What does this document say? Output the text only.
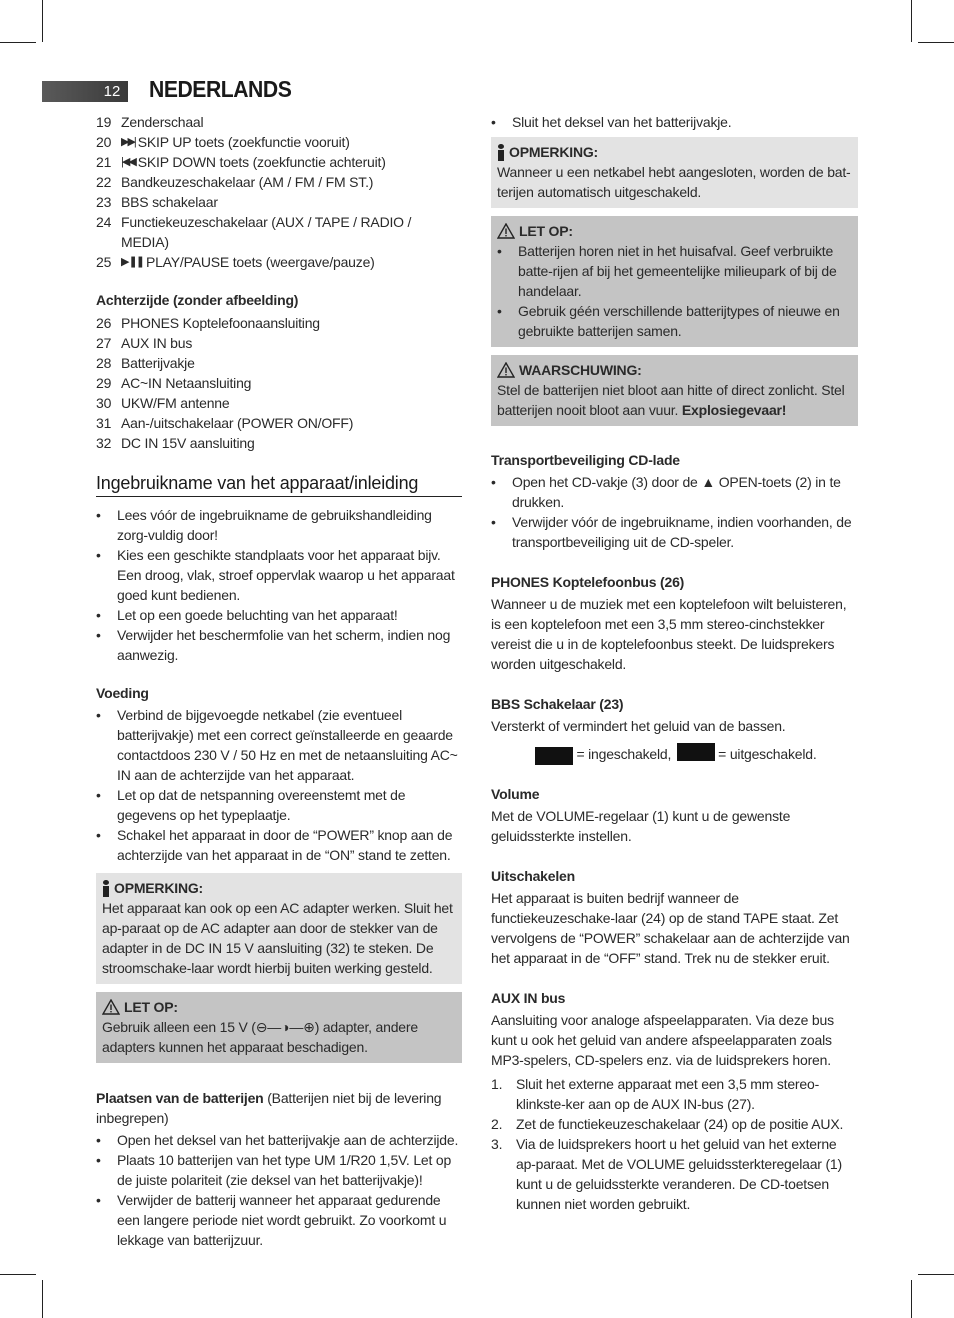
12	NEDERLANDS
19 Zenderschaal
20 ▶▶| SKIP UP toets (zoekfunctie vooruit)
21 |◀◀ SKIP DOWN toets (zoekfunctie achteruit)
22 Bandkeuzeschakelaar (AM / FM / FM ST.)
23 BBS schakelaar
24 Functiekeuzeschakelaar (AUX / TAPE / RADIO / MEDIA)
25 ▶ ❚❚ PLAY/PAUSE toets (weergave/pauze)
Achterzijde (zonder afbeelding)
26 PHONES Koptelefoonaansluiting
27 AUX IN bus
28 Batterijvakje
29 AC~IN Netaansluiting
30 UKW/FM antenne
31 Aan-/uitschakelaar (POWER ON/OFF)
32 DC IN 15V aansluiting
Ingebruikname van het apparaat/inleiding
• Lees vóór de ingebruikname de gebruikshandleiding zorg-vuldig door!
• Kies een geschikte standplaats voor het apparaat bijv. Een droog, vlak, stroef oppervlak waarop u het apparaat goed kunt bedienen.
• Let op een goede beluchting van het apparaat!
• Verwijder het beschermfolie van het scherm, indien nog aanwezig.
Voeding
• Verbind de bijgevoegde netkabel (zie eventueel batterijvakje) met een correct geïnstalleerde en geaarde contactdoos 230 V / 50 Hz en met de netaansluiting AC~ IN aan de achterzijde van het apparaat.
• Let op dat de netspanning overeenstemt met de gegevens op het typeplaatje.
• Schakel het apparaat in door de “POWER” knop aan de achterzijde van het apparaat in de “ON” stand te zetten.
OPMERKING:
Het apparaat kan ook op een AC adapter werken. Sluit het ap-paraat op de AC adapter aan door de stekker van de adapter in de DC IN 15 V aansluiting (32) te steken. De stroomschake-laar wordt hierbij buiten werking gesteld.
LET OP:
Gebruik alleen een 15 V (⊖—◑—⊕) adapter, andere adapters kunnen het apparaat beschadigen.
Plaatsen van de batterijen (Batterijen niet bij de levering inbegrepen)
• Open het deksel van het batterijvakje aan de achterzijde.
• Plaats 10 batterijen van het type UM 1/R20 1,5V. Let op de juiste polariteit (zie deksel van het batterijvakje)!
• Verwijder de batterij wanneer het apparaat gedurende een langere periode niet wordt gebruikt. Zo voorkomt u lekkage van batterijzuur.
• Sluit het deksel van het batterijvakje.
OPMERKING:
Wanneer u een netkabel hebt aangesloten, worden de bat-terijen automatisch uitgeschakeld.
LET OP:
• Batterijen horen niet in het huisafval. Geef verbruikte batte-rijen af bij het gemeentelijke milieupark of bij de handelaar.
• Gebruik géén verschillende batterijtypes of nieuwe en gebruikte batterijen samen.
WAARSCHUWING:
Stel de batterijen niet bloot aan hitte of direct zonlicht. Stel batterijen nooit bloot aan vuur. Explosiegevaar!
Transportbeveiliging CD-lade
• Open het CD-vakje (3) door de ▲ OPEN-toets (2) in te drukken.
• Verwijder vóór de ingebruikname, indien voorhanden, de transportbeveiliging uit de CD-speler.
PHONES Koptelefoonbus (26)
Wanneer u de muziek met een koptelefoon wilt beluisteren, is een koptelefoon met een 3,5 mm stereo-cinchstekker vereist die u in de koptelefoonbus steekt. De luidsprekers worden uitgeschakeld.
BBS Schakelaar (23)
Versterkt of vermindert het geluid van de bassen.
= ingeschakeld,	= uitgeschakeld.
Volume
Met de VOLUME-regelaar (1) kunt u de gewenste geluidssterkte instellen.
Uitschakelen
Het apparaat is buiten bedrijf wanneer de functiekeuzeschake-laar (24) op de stand TAPE staat. Zet vervolgens de “POWER” schakelaar aan de achterzijde van het apparaat in de “OFF” stand. Trek nu de stekker eruit.
AUX IN bus
Aansluiting voor analoge afspeelapparaten. Via deze bus kunt u ook het geluid van andere afspeelapparaten zoals MP3-spelers, CD-spelers enz. via de luidsprekers horen.
1. Sluit het externe apparaat met een 3,5 mm stereo-klinkste-ker aan op de AUX IN-bus (27).
2. Zet de functiekeuzeschakelaar (24) op de positie AUX.
3. Via de luidsprekers hoort u het geluid van het externe ap-paraat. Met de VOLUME geluidssterkteregelaar (1) kunt u de geluidssterkte veranderen. De CD-toetsen kunnen niet worden gebruikt.
